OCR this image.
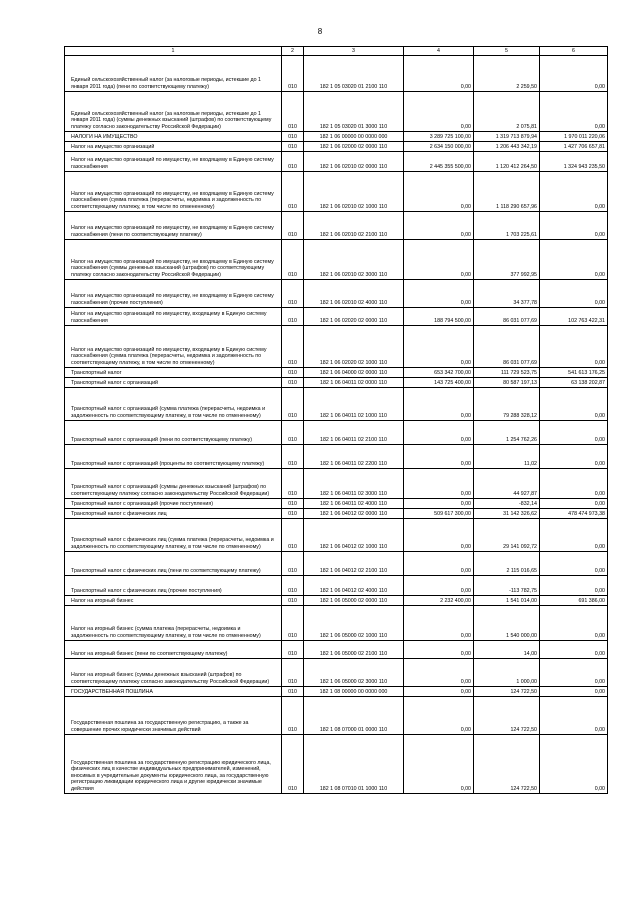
8
1	2	3	4	5	6
Единый сельскохозяйственный налог (за налоговые периоды, истекшие до 1 января 2011 года) (пени по соответствующему платежу)	010	182 1 05 03020 01 2100 110	0,00	2 259,50	0,00
Единый сельскохозяйственный налог (за налоговые периоды, истекшие до 1 января 2011 года) (суммы денежных взысканий (штрафов) по соответствующему платежу согласно законодательству Российской Федерации)	010	182 1 05 03020 01 3000 110	0,00	2 075,81	0,00
НАЛОГИ НА ИМУЩЕСТВО	010	182 1 06 00000 00 0000 000	3 289 725 100,00	1 319 713 879,94	1 970 011 220,06
Налог на имущество организаций	010	182 1 06 02000 02 0000 110	2 634 150 000,00	1 206 443 342,19	1 427 706 657,81
Налог на имущество организаций по имуществу, не входящему в Единую систему газоснабжения	010	182 1 06 02010 02 0000 110	2 445 355 500,00	1 120 412 264,50	1 324 943 235,50
Налог на имущество организаций по имуществу, не входящему в Единую систему газоснабжения (сумма платежа (перерасчеты, недоимка и задолженность по соответствующему платежу, в том числе по отмененному)	010	182 1 06 02010 02 1000 110	0,00	1 118 290 657,96	0,00
Налог на имущество организаций по имуществу, не входящему в Единую систему газоснабжения (пени по соответствующему платежу)	010	182 1 06 02010 02 2100 110	0,00	1 703 225,61	0,00
Налог на имущество организаций по имуществу, не входящему в Единую систему газоснабжения (суммы денежных взысканий (штрафов) по соответствующему платежу согласно законодательству Российской Федерации)	010	182 1 06 02010 02 3000 110	0,00	377 992,95	0,00
Налог на имущество организаций по имуществу, не входящему в Единую систему газоснабжения (прочие поступления)	010	182 1 06 02010 02 4000 110	0,00	34 377,78	0,00
Налог на имущество организаций по имуществу, входящему в Единую систему газоснабжения	010	182 1 06 02020 02 0000 110	188 794 500,00	86 031 077,69	102 763 422,31
Налог на имущество организаций по имуществу, входящему в Единую систему газоснабжения (сумма платежа (перерасчеты, недоимка и задолженность по соответствующему платежу, в том числе по отмененному)	010	182 1 06 02020 02 1000 110	0,00	86 031 077,69	0,00
Транспортный налог	010	182 1 06 04000 02 0000 110	653 342 700,00	111 729 523,75	541 613 176,25
Транспортный налог с организаций	010	182 1 06 04011 02 0000 110	143 725 400,00	80 587 197,13	63 138 202,87
Транспортный налог с организаций (сумма платежа (перерасчеты, недоимка и задолженность по соответствующему платежу, в том числе по отмененному)	010	182 1 06 04011 02 1000 110	0,00	79 288 328,12	0,00
Транспортный налог с организаций (пени по соответствующему платежу)	010	182 1 06 04011 02 2100 110	0,00	1 254 762,26	0,00
Транспортный налог с организаций (проценты по соответствующему платежу)	010	182 1 06 04011 02 2200 110	0,00	11,02	0,00
Транспортный налог с организаций (суммы денежных взысканий (штрафов) по соответствующему платежу согласно законодательству Российской Федерации)	010	182 1 06 04011 02 3000 110	0,00	44 927,87	0,00
Транспортный налог с организаций (прочие поступления)	010	182 1 06 04011 02 4000 110	0,00	-832,14	0,00
Транспортный налог с физических лиц	010	182 1 06 04012 02 0000 110	509 617 300,00	31 142 326,62	478 474 973,38
Транспортный налог с физических лиц (сумма платежа (перерасчеты, недоимка и задолженность по соответствующему платежу, в том числе по отмененному)	010	182 1 06 04012 02 1000 110	0,00	29 141 092,72	0,00
Транспортный налог с физических лиц (пени по соответствующему платежу)	010	182 1 06 04012 02 2100 110	0,00	2 115 016,65	0,00
Транспортный налог с физических лиц (прочие поступления)	010	182 1 06 04012 02 4000 110	0,00	-113 782,75	0,00
Налог на игорный бизнес	010	182 1 06 05000 02 0000 110	2 232 400,00	1 541 014,00	691 386,00
Налог на игорный бизнес (сумма платежа (перерасчеты, недоимка и задолженность по соответствующему платежу, в том числе по отмененному)	010	182 1 06 05000 02 1000 110	0,00	1 540 000,00	0,00
Налог на игорный бизнес (пени по соответствующему платежу)	010	182 1 06 05000 02 2100 110	0,00	14,00	0,00
Налог на игорный бизнес (суммы денежных взысканий (штрафов) по соответствующему платежу согласно законодательству Российской Федерации)	010	182 1 06 05000 02 3000 110	0,00	1 000,00	0,00
ГОСУДАРСТВЕННАЯ ПОШЛИНА	010	182 1 08 00000 00 0000 000	0,00	124 722,50	0,00
Государственная пошлина за государственную регистрацию, а также за совершение прочих юридически значимых действий	010	182 1 08 07000 01 0000 110	0,00	124 722,50	0,00
Государственная пошлина за государственную регистрацию юридического лица, физических лиц в качестве индивидуальных предпринимателей, изменений, вносимых в учредительные документы юридического лица, за государственную регистрацию ликвидации юридического лица и другие юридически значимые действия	010	182 1 08 07010 01 1000 110	0,00	124 722,50	0,00
